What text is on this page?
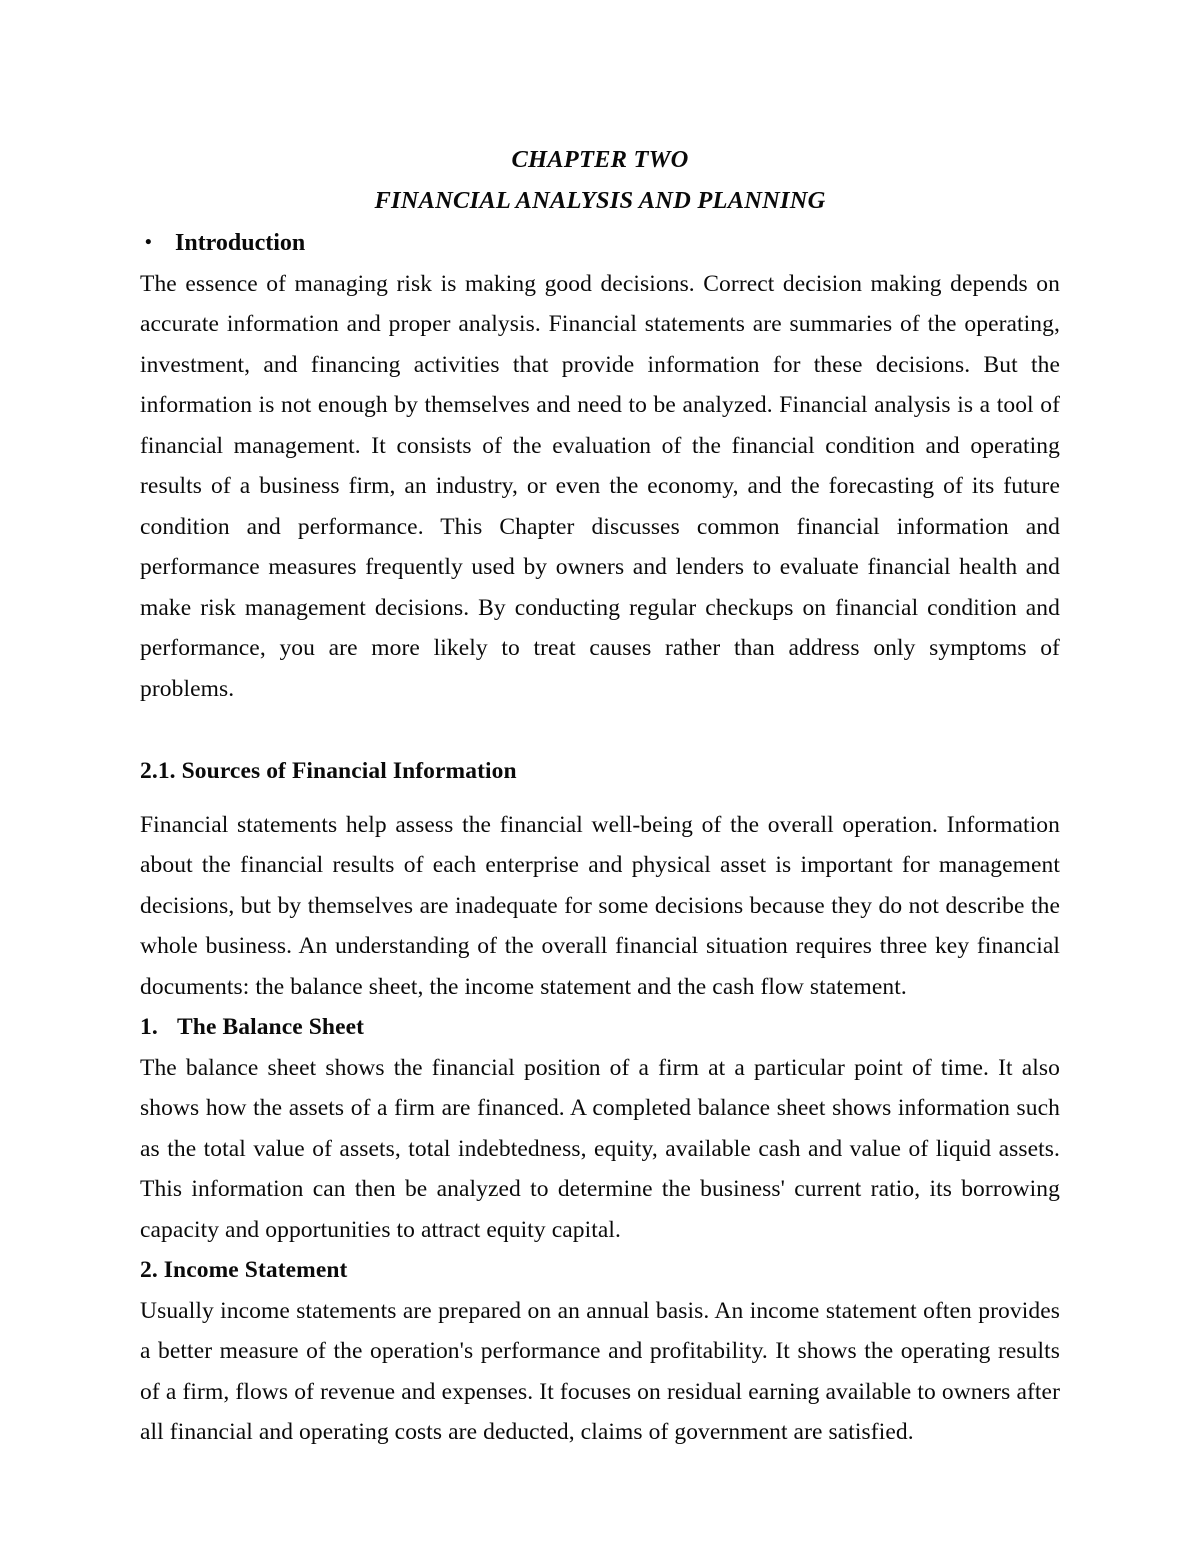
CHAPTER TWO
FINANCIAL ANALYSIS AND PLANNING
• Introduction

The essence of managing risk is making good decisions. Correct decision making depends on accurate information and proper analysis. Financial statements are summaries of the operating, investment, and financing activities that provide information for these decisions. But the information is not enough by themselves and need to be analyzed. Financial analysis is a tool of financial management. It consists of the evaluation of the financial condition and operating results of a business firm, an industry, or even the economy, and the forecasting of its future condition and performance. This Chapter discusses common financial information and performance measures frequently used by owners and lenders to evaluate financial health and make risk management decisions. By conducting regular checkups on financial condition and performance, you are more likely to treat causes rather than address only symptoms of problems.

2.1. Sources of Financial Information

Financial statements help assess the financial well-being of the overall operation. Information about the financial results of each enterprise and physical asset is important for management decisions, but by themselves are inadequate for some decisions because they do not describe the whole business. An understanding of the overall financial situation requires three key financial documents: the balance sheet, the income statement and the cash flow statement.

1. The Balance Sheet

The balance sheet shows the financial position of a firm at a particular point of time. It also shows how the assets of a firm are financed. A completed balance sheet shows information such as the total value of assets, total indebtedness, equity, available cash and value of liquid assets. This information can then be analyzed to determine the business' current ratio, its borrowing capacity and opportunities to attract equity capital.

2. Income Statement

Usually income statements are prepared on an annual basis. An income statement often provides a better measure of the operation's performance and profitability. It shows the operating results of a firm, flows of revenue and expenses. It focuses on residual earning available to owners after all financial and operating costs are deducted, claims of government are satisfied.
